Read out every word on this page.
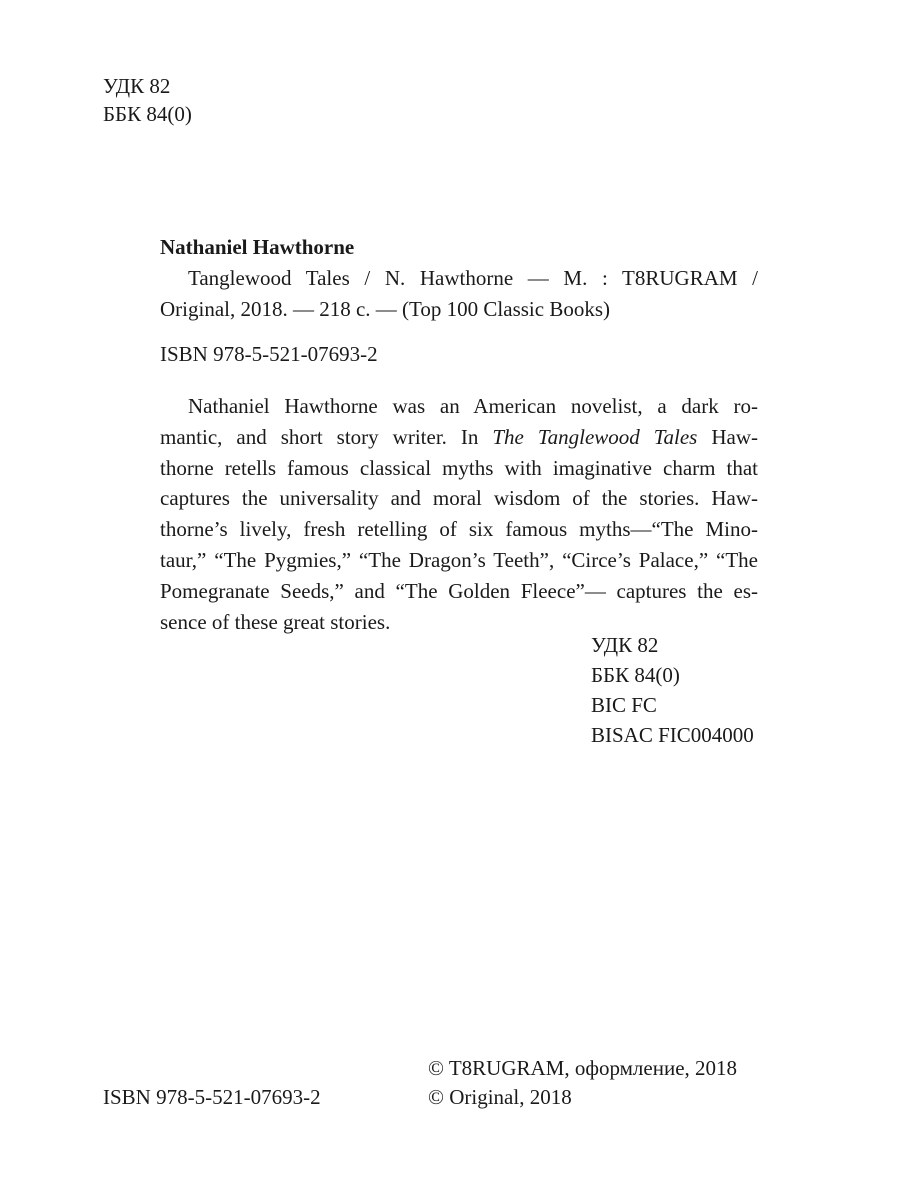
УДК 82
ББК 84(0)
Nathaniel Hawthorne
Tanglewood Tales / N. Hawthorne — M. : T8RUGRAM /
Original, 2018. — 218 c. — (Top 100 Classic Books)
ISBN 978-5-521-07693-2
Nathaniel Hawthorne was an American novelist, a dark ro-
mantic, and short story writer. In The Tanglewood Tales Haw-
thorne retells famous classical myths with imaginative charm that
captures the universality and moral wisdom of the stories. Haw-
thorne’s lively, fresh retelling of six famous myths—“The Mino-
taur,” “The Pygmies,” “The Dragon’s Teeth”, “Circe’s Palace,” “The
Pomegranate Seeds,” and “The Golden Fleece”— captures the es-
sence of these great stories.
УДК 82
ББК 84(0)
BIC FC
BISAC FIC004000
ISBN 978-5-521-07693-2
© T8RUGRAM, оформление, 2018
© Original, 2018
